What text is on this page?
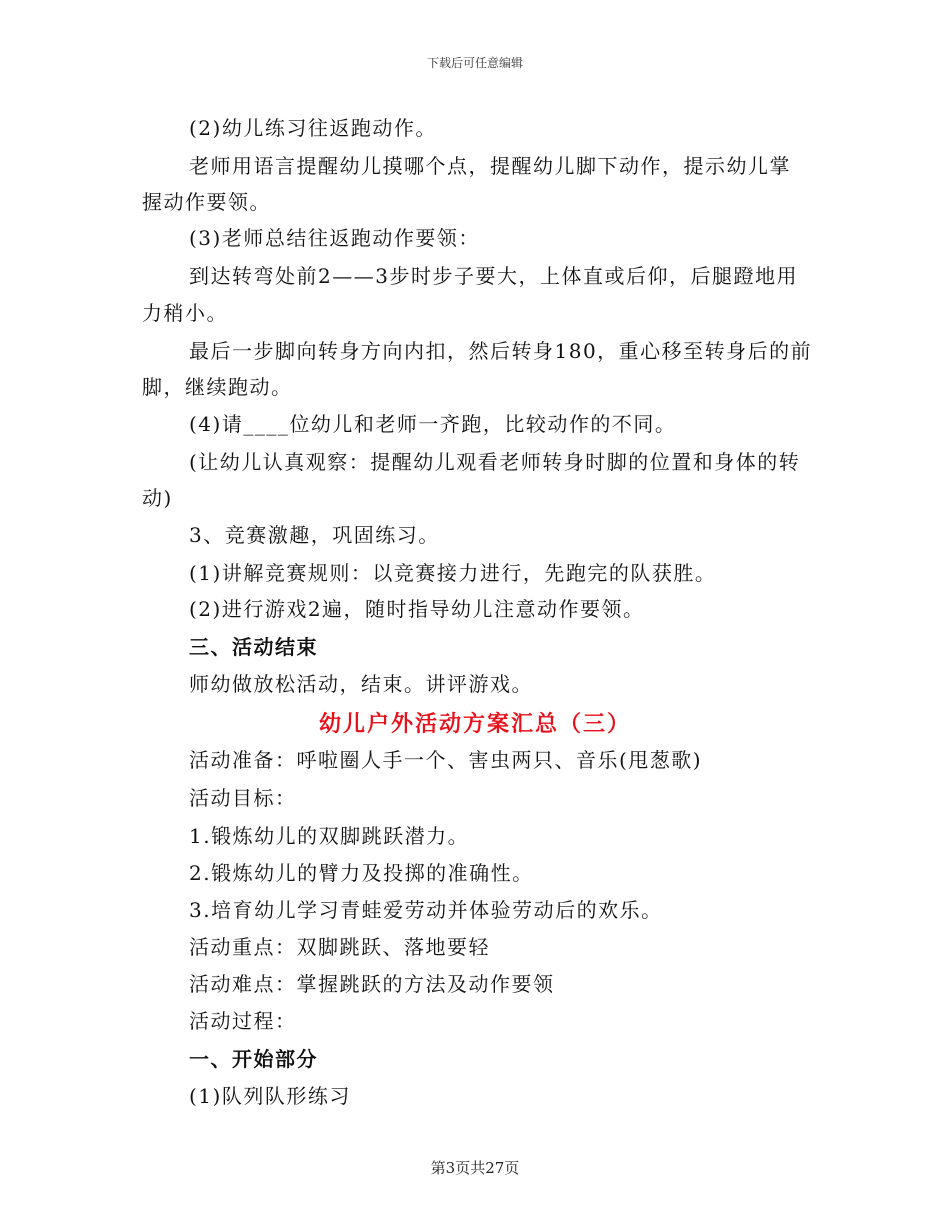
下载后可任意编辑
(2)幼儿练习往返跑动作。
老师用语言提醒幼儿摸哪个点，提醒幼儿脚下动作，提示幼儿掌
握动作要领。
(3)老师总结往返跑动作要领：
到达转弯处前2——3步时步子要大，上体直或后仰，后腿蹬地用
力稍小。
最后一步脚向转身方向内扣，然后转身180，重心移至转身后的前
脚，继续跑动。
(4)请____位幼儿和老师一齐跑，比较动作的不同。
(让幼儿认真观察：提醒幼儿观看老师转身时脚的位置和身体的转
动)
3、竞赛激趣，巩固练习。
(1)讲解竞赛规则：以竞赛接力进行，先跑完的队获胜。
(2)进行游戏2遍，随时指导幼儿注意动作要领。
三、活动结束
师幼做放松活动，结束。讲评游戏。
幼儿户外活动方案汇总（三）
活动准备：呼啦圈人手一个、害虫两只、音乐(甩葱歌)
活动目标：
1.锻炼幼儿的双脚跳跃潜力。
2.锻炼幼儿的臂力及投掷的准确性。
3.培育幼儿学习青蛙爱劳动并体验劳动后的欢乐。
活动重点：双脚跳跃、落地要轻
活动难点：掌握跳跃的方法及动作要领
活动过程：
一、开始部分
(1)队列队形练习
第3页共27页
